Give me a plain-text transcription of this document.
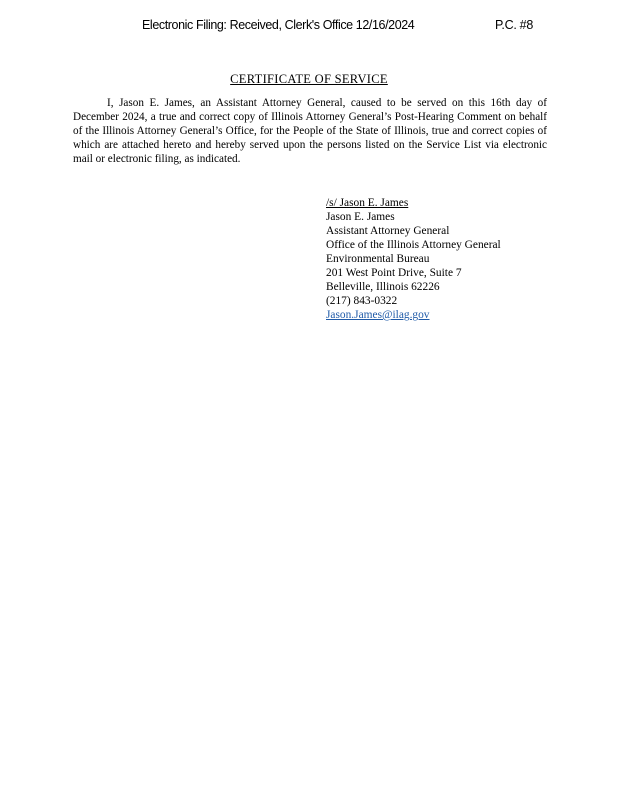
Electronic Filing: Received, Clerk's Office 12/16/2024	P.C. #8
CERTIFICATE OF SERVICE

I, Jason E. James, an Assistant Attorney General, caused to be served on this 16th day of December 2024, a true and correct copy of Illinois Attorney General’s Post-Hearing Comment on behalf of the Illinois Attorney General’s Office, for the People of the State of Illinois, true and correct copies of which are attached hereto and hereby served upon the persons listed on the Service List via electronic mail or electronic filing, as indicated.

/s/ Jason E. James
Jason E. James
Assistant Attorney General
Office of the Illinois Attorney General
Environmental Bureau
201 West Point Drive, Suite 7
Belleville, Illinois 62226
(217) 843-0322
Jason.James@ilag.gov
